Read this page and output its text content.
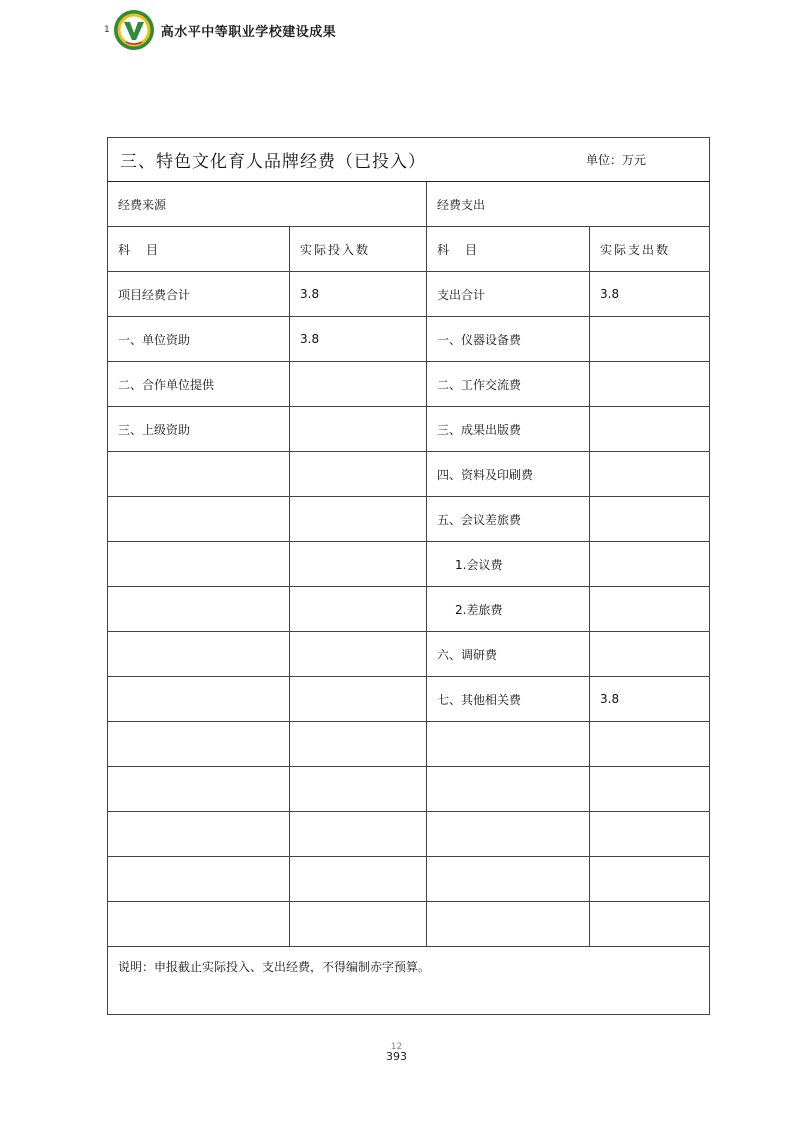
1	高水平中等职业学校建设成果
三、特色文化育人品牌经费（已投入） 单位：万元			

经费来源		经费支出	
科　目	实际投入数	科　目	实际支出数
项目经费合计	3.8	支出合计	3.8
一、单位资助	3.8	一、仪器设备费	
二、合作单位提供		二、工作交流费	
三、上级资助		三、成果出版费	
		四、资料及印刷费	
		五、会议差旅费	
		1.会议费	
		2.差旅费	
		六、调研费	
		七、其他相关费	3.8

说明：申报截止实际投入、支出经费，不得编制赤字预算。			
12
393
